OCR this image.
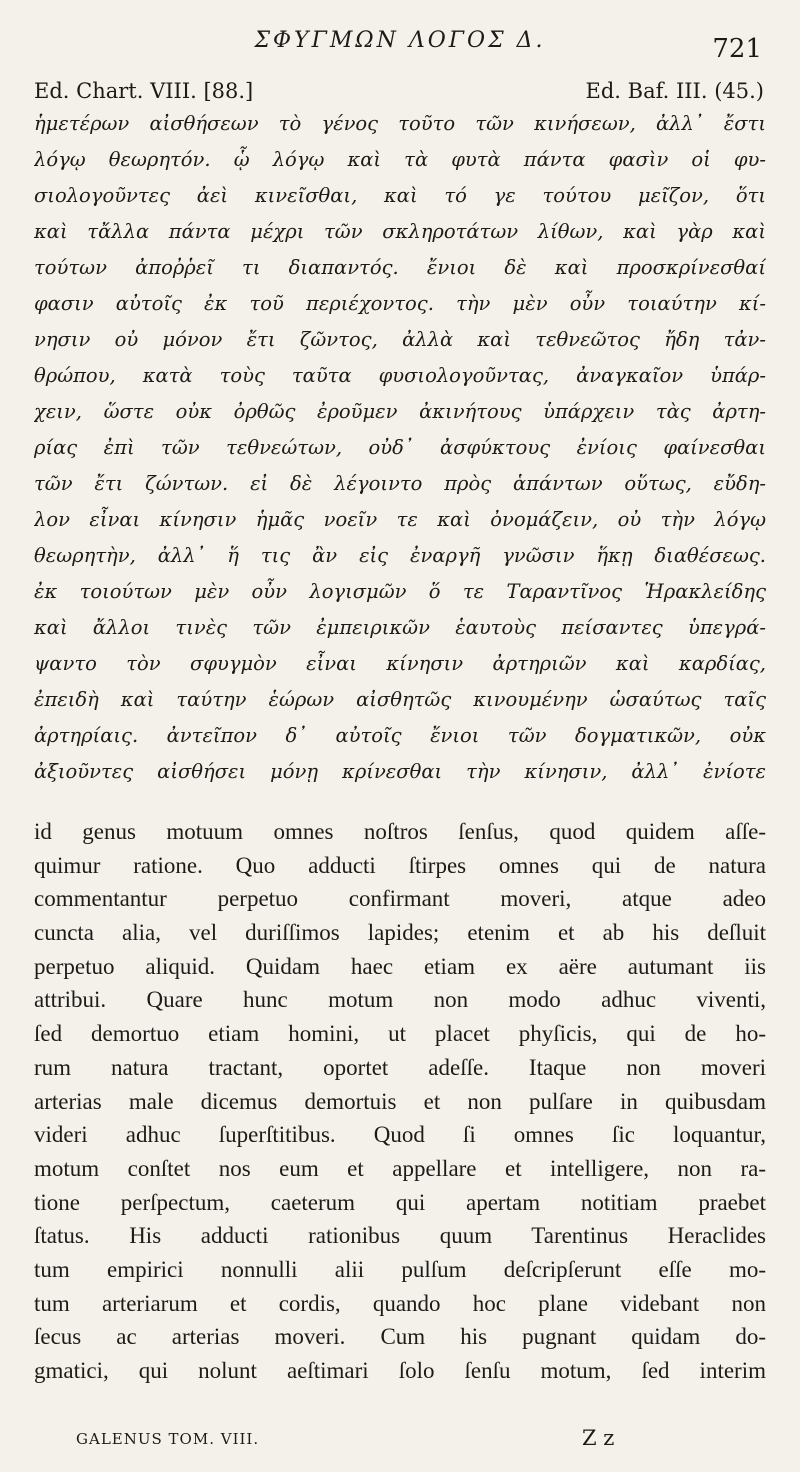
ΣΦΥΓΜΩΝ ΛΟΓΟΣ Δ.	721
Ed. Chart. VIII. [88.]	Ed. Baf. III. (45.)
ἡμετέρων αἰσθήσεων τὸ γένος τοῦτο τῶν κινήσεων, ἀλλ᾽ ἔστι
λόγῳ θεωρητόν. ᾧ λόγῳ καὶ τὰ φυτὰ πάντα φασὶν οἱ φυ-
σιολογοῦντες ἀεὶ κινεῖσθαι, καὶ τό γε τούτου μεῖζον, ὅτι
καὶ τἄλλα πάντα μέχρι τῶν σκληροτάτων λίθων, καὶ γὰρ καὶ
τούτων ἀποῤῥεῖ τι διαπαντός. ἔνιοι δὲ καὶ προσκρίνεσθαί
φασιν αὐτοῖς ἐκ τοῦ περιέχοντος. τὴν μὲν οὖν τοιαύτην κί-
νησιν οὐ μόνον ἔτι ζῶντος, ἀλλὰ καὶ τεθνεῶτος ἤδη τἀν-
θρώπου, κατὰ τοὺς ταῦτα φυσιολογοῦντας, ἀναγκαῖον ὑπάρ-
χειν, ὥστε οὐκ ὀρθῶς ἐροῦμεν ἀκινήτους ὑπάρχειν τὰς ἀρτη-
ρίας ἐπὶ τῶν τεθνεώτων, οὐδ᾽ ἀσφύκτους ἐνίοις φαίνεσθαι
τῶν ἔτι ζώντων. εἰ δὲ λέγοιντο πρὸς ἁπάντων οὕτως, εὔδη-
λον εἶναι κίνησιν ἡμᾶς νοεῖν τε καὶ ὀνομάζειν, οὐ τὴν λόγῳ
θεωρητὴν, ἀλλ᾽ ἥ τις ἂν εἰς ἐναργῆ γνῶσιν ἥκῃ διαθέσεως.
ἐκ τοιούτων μὲν οὖν λογισμῶν ὅ τε Ταραντῖνος Ἡρακλείδης
καὶ ἄλλοι τινὲς τῶν ἐμπειρικῶν ἑαυτοὺς πείσαντες ὑπεγρά-
ψαντο τὸν σφυγμὸν εἶναι κίνησιν ἀρτηριῶν καὶ καρδίας,
ἐπειδὴ καὶ ταύτην ἑώρων αἰσθητῶς κινουμένην ὡσαύτως ταῖς
ἀρτηρίαις. ἀντεῖπον δ᾽ αὐτοῖς ἔνιοι τῶν δογματικῶν, οὐκ
ἀξιοῦντες αἰσθήσει μόνῃ κρίνεσθαι τὴν κίνησιν, ἀλλ᾽ ἐνίοτε
id genus motuum omnes noſtros ſenſus, quod quidem aſſe-
quimur ratione. Quo adducti ſtirpes omnes qui de natura
commentantur perpetuo confirmant moveri, atque adeo
cuncta alia, vel duriſſimos lapides; etenim et ab his deſluit
perpetuo aliquid. Quidam haec etiam ex aëre autumant iis
attribui. Quare hunc motum non modo adhuc viventi,
ſed demortuo etiam homini, ut placet phyſicis, qui de ho-
rum natura tractant, oportet adeſſe. Itaque non moveri
arterias male dicemus demortuis et non pulſare in quibusdam
videri adhuc ſuperſtitibus. Quod ſi omnes ſic loquantur,
motum conſtet nos eum et appellare et intelligere, non ra-
tione perſpectum, caeterum qui apertam notitiam praebet
ſtatus. His adducti rationibus quum Tarentinus Heraclides
tum empirici nonnulli alii pulſum deſcripſerunt eſſe mo-
tum arteriarum et cordis, quando hoc plane videbant non
ſecus ac arterias moveri. Cum his pugnant quidam do-
gmatici, qui nolunt aeſtimari ſolo ſenſu motum, ſed interim
GALENUS TOM. VIII.	Z z
